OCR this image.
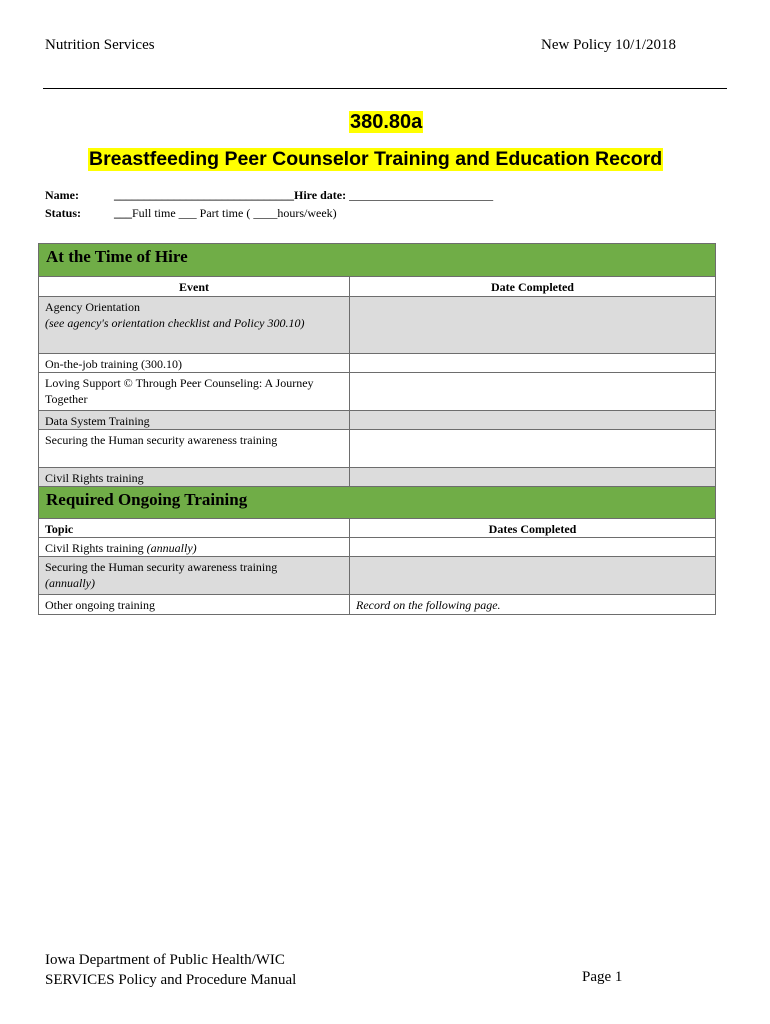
Nutrition Services	New Policy 10/1/2018
380.80a
Breastfeeding Peer Counselor Training and Education Record
Name:	______________________________Hire date: ________________________
Status:	___Full time ___ Part time ( ____hours/week)
At the Time of Hire
Event	Date Completed
Agency Orientation
(see agency's orientation checklist and Policy 300.10)
On-the-job training (300.10)
Loving Support © Through Peer Counseling: A Journey Together
Data System Training
Securing the Human security awareness training
Civil Rights training
Required Ongoing Training
Topic	Dates Completed
Civil Rights training (annually)
Securing the Human security awareness training
(annually)
Other ongoing training	Record on the following page.
Iowa Department of Public Health/WIC
SERVICES Policy and Procedure Manual	Page 1
